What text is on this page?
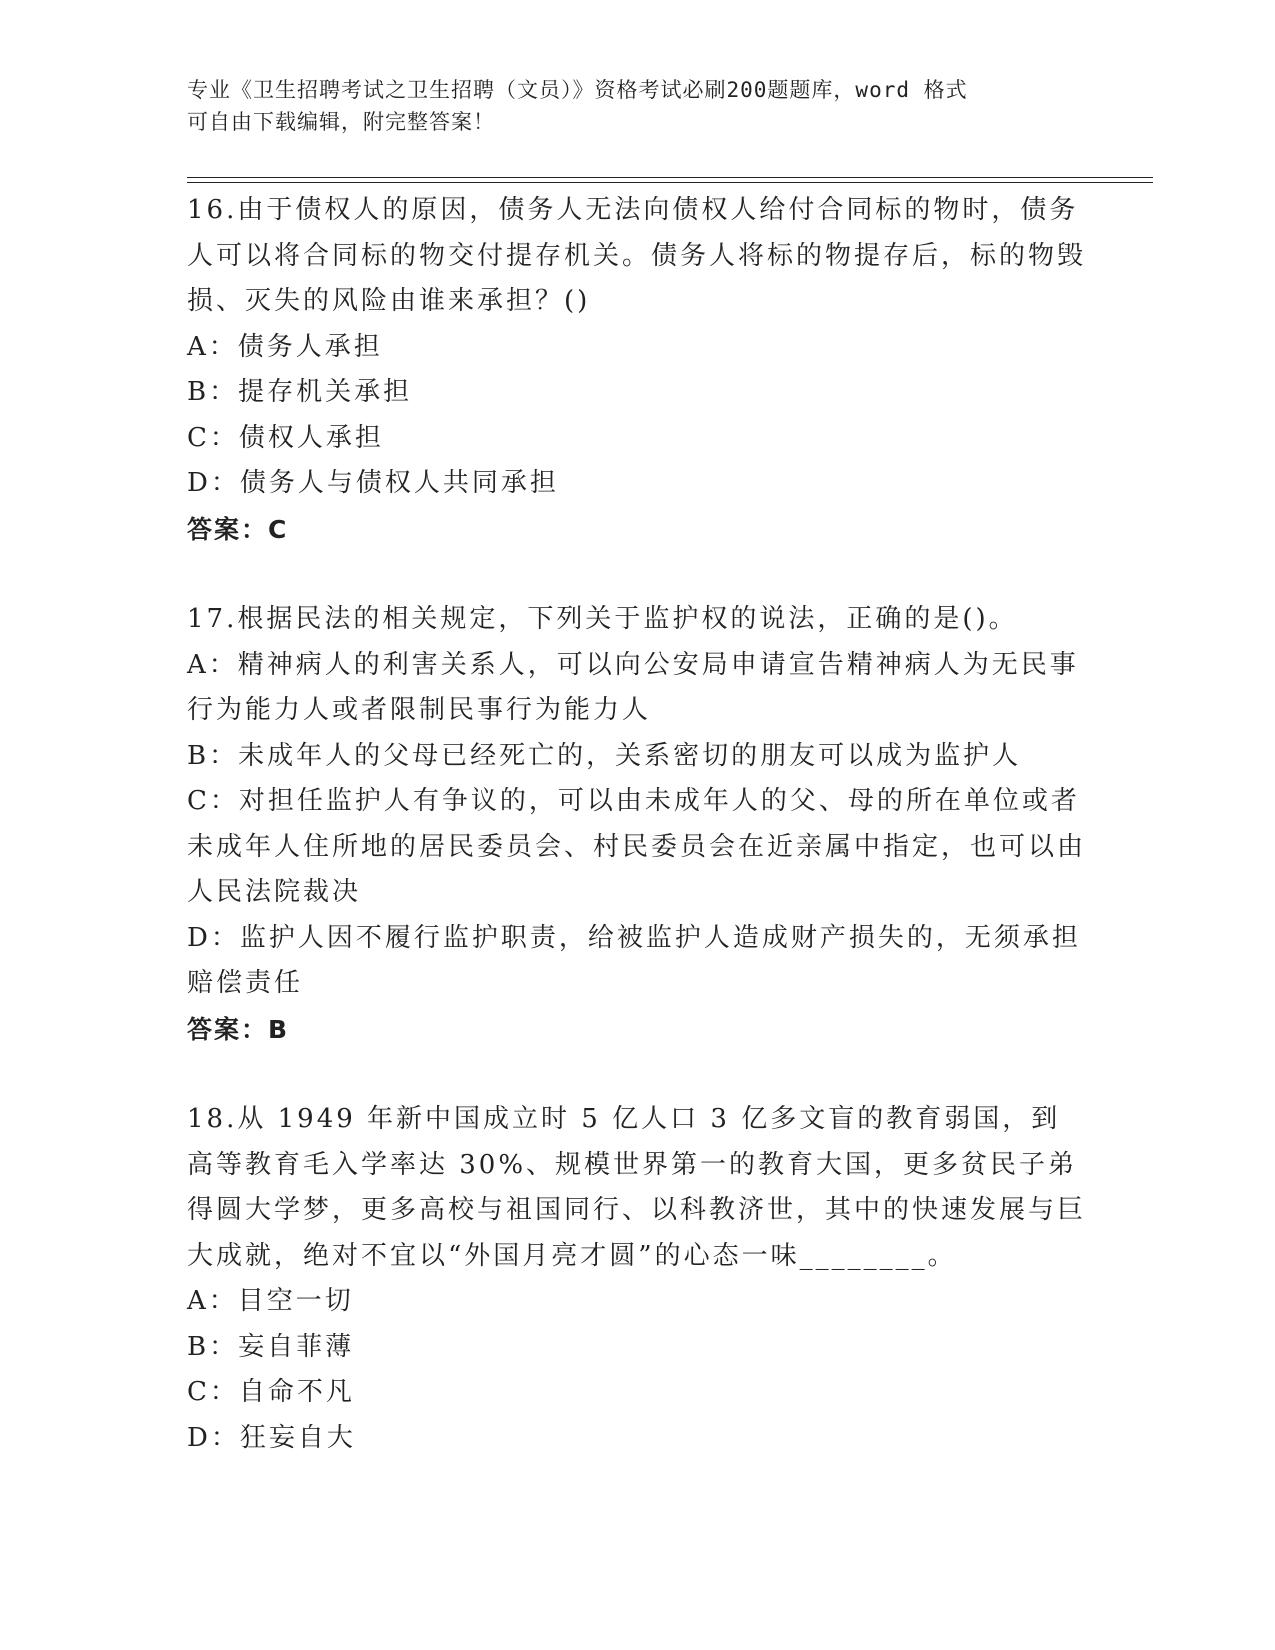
专业《卫生招聘考试之卫生招聘（文员）》资格考试必刷200题题库，word 格式
可自由下载编辑，附完整答案！

16.由于债权人的原因，债务人无法向债权人给付合同标的物时，债务人可以将合同标的物交付提存机关。债务人将标的物提存后，标的物毁损、灭失的风险由谁来承担？()

A：债务人承担

B：提存机关承担

C：债权人承担

D：债务人与债权人共同承担

答案：C

17.根据民法的相关规定，下列关于监护权的说法，正确的是()。

A：精神病人的利害关系人，可以向公安局申请宣告精神病人为无民事行为能力人或者限制民事行为能力人

B：未成年人的父母已经死亡的，关系密切的朋友可以成为监护人

C：对担任监护人有争议的，可以由未成年人的父、母的所在单位或者未成年人住所地的居民委员会、村民委员会在近亲属中指定，也可以由人民法院裁决

D：监护人因不履行监护职责，给被监护人造成财产损失的，无须承担赔偿责任

答案：B

18.从 1949 年新中国成立时 5 亿人口 3 亿多文盲的教育弱国，到高等教育毛入学率达 30%、规模世界第一的教育大国，更多贫民子弟得圆大学梦，更多高校与祖国同行、以科教济世，其中的快速发展与巨大成就，绝对不宜以“外国月亮才圆”的心态一味________。

A：目空一切

B：妄自菲薄

C：自命不凡

D：狂妄自大
